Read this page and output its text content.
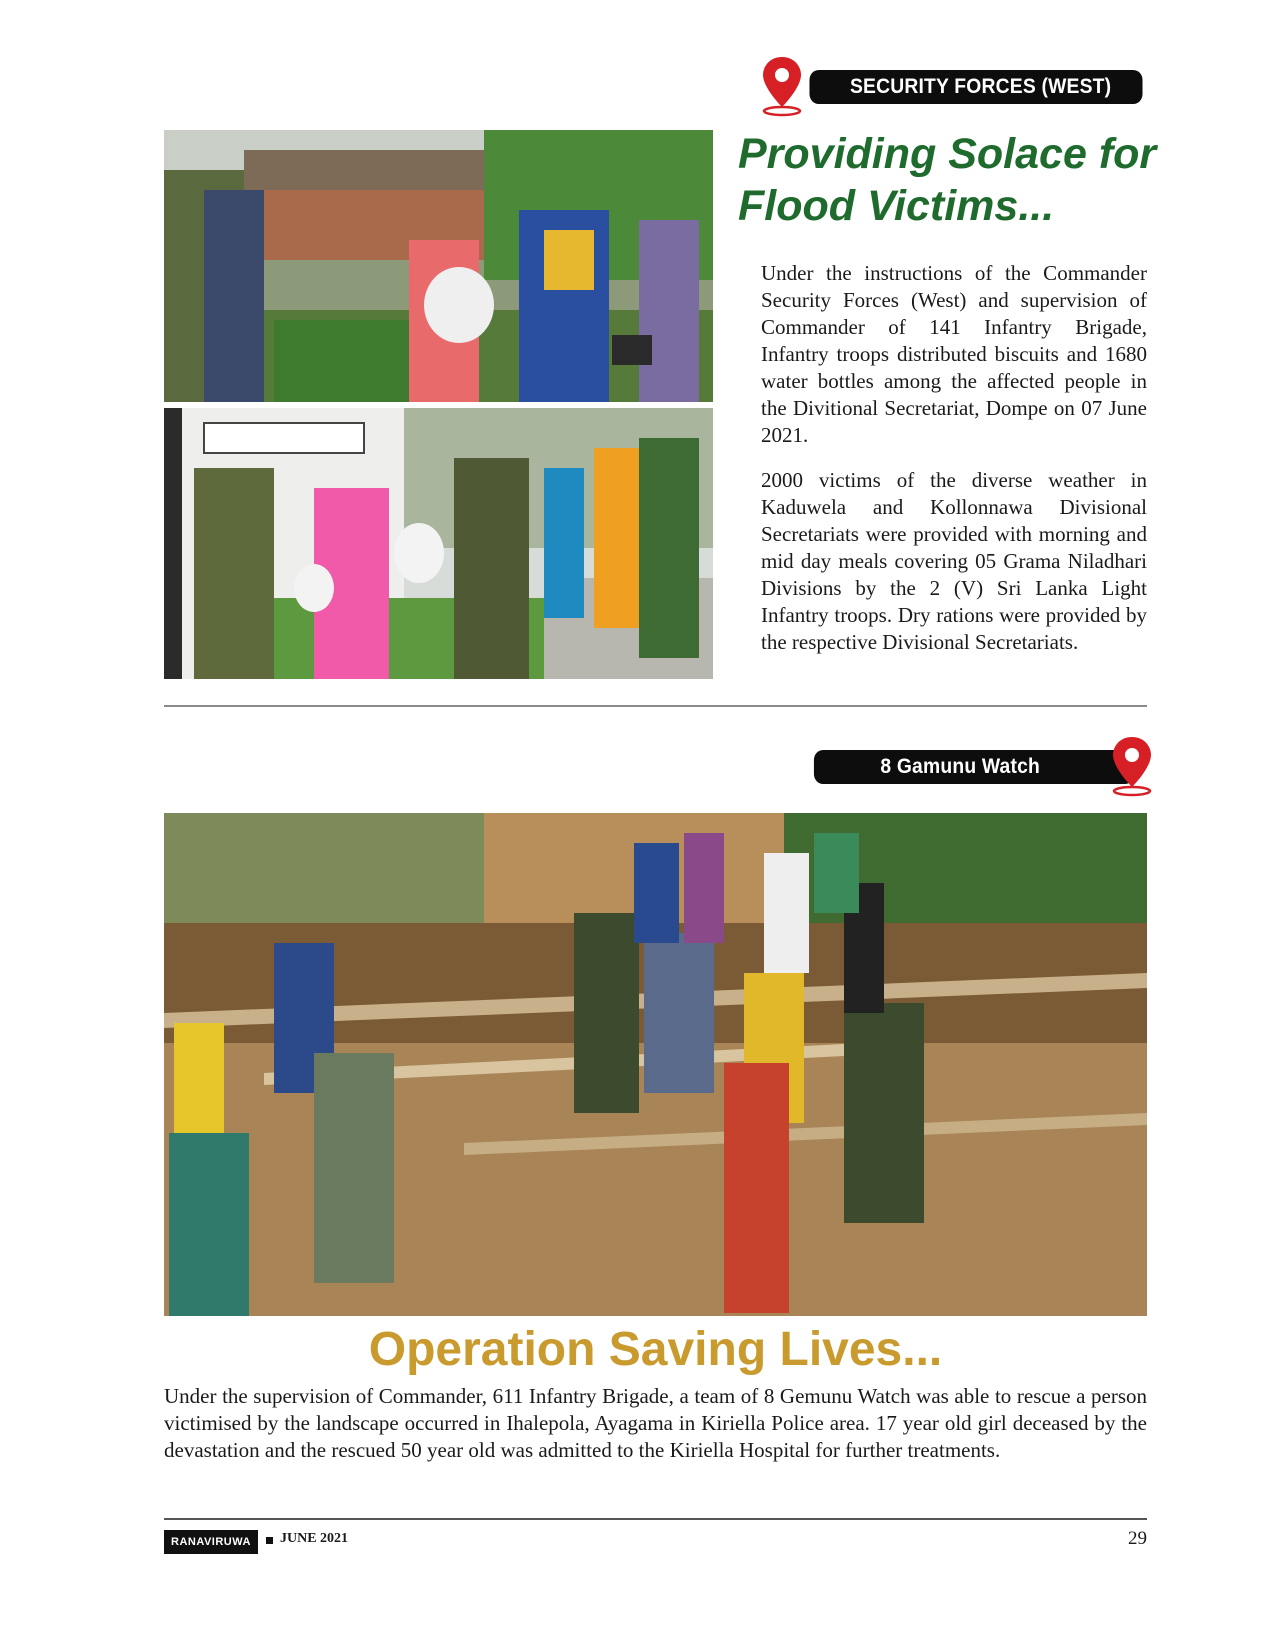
SECURITY FORCES (WEST)
Providing Solace for
Flood Victims...

Under the instructions of the Commander Security Forces (West) and supervision of Commander of 141 Infantry Brigade, Infantry troops distributed biscuits and 1680 water bottles among the affected people in the Divitional Secretariat, Dompe on 07 June 2021.

2000 victims of the diverse weather in Kaduwela and Kollonnawa Divisional Secretariats were provided with morning and mid day meals covering 05 Grama Niladhari Divisions by the 2 (V) Sri Lanka Light Infantry troops. Dry rations were provided by the respective Divisional Secretariats.

8 Gamunu Watch
Operation Saving Lives...

Under the supervision of Commander, 611 Infantry Brigade, a team of 8 Gemunu Watch was able to rescue a person victimised by the landscape occurred in Ihalepola, Ayagama in Kiriella Police area. 17 year old girl deceased by the devastation and the rescued 50 year old was admitted to the Kiriella Hospital for further treatments.

RANAVIRUWA	JUNE 2021	29
